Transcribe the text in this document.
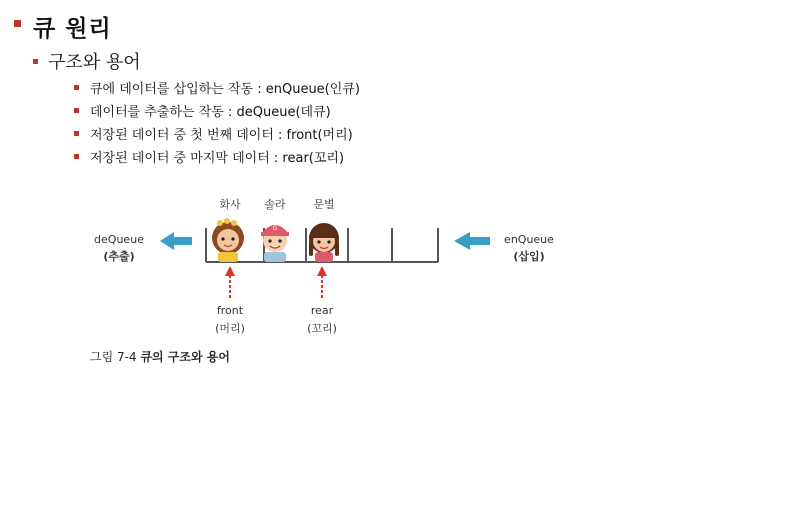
큐 원리
구조와 용어
큐에 데이터를 삽입하는 작동 : enQueue(인큐)
데이터를 추출하는 작동 : deQueue(데큐)
저장된 데이터 중 첫 번째 데이터 : front(머리)
저장된 데이터 중 마지막 데이터 : rear(꼬리)
G
화사	솔라	문별
deQueue
(추출)
enQueue
(삽입)
front
(머리)
rear
(꼬리)
그림 7-4 큐의 구조와 용어
